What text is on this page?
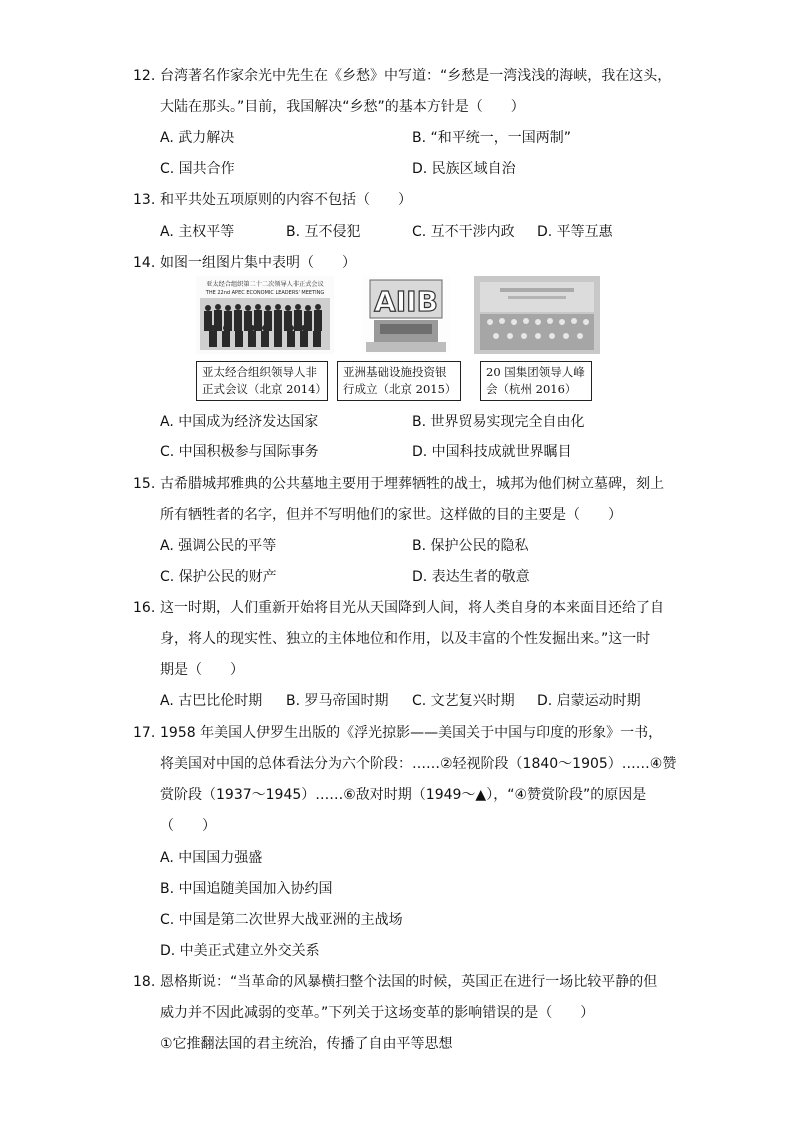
12. 台湾著名作家余光中先生在《乡愁》中写道：“乡愁是一湾浅浅的海峡，我在这头，
大陆在那头。”目前，我国解决“乡愁”的基本方针是（　　）
A. 武力解决	B. “和平统一，一国两制”
C. 国共合作	D. 民族区域自治
13. 和平共处五项原则的内容不包括（　　）
A. 主权平等	B. 互不侵犯	C. 互不干涉内政 D. 平等互惠
14. 如图一组图片集中表明（　　）
亚太经合组织第二十二次领导人非正式会议
THE 22nd APEC ECONOMIC LEADERS' MEETING
亚太经合组织领导人非正式会议（北京 2014）
AIIB
亚洲基础设施投资银行成立（北京 2015）
20 国集团领导人峰会（杭州 2016）
A. 中国成为经济发达国家	B. 世界贸易实现完全自由化
C. 中国积极参与国际事务	D. 中国科技成就世界瞩目
15. 古希腊城邦雅典的公共墓地主要用于埋葬牺牲的战士，城邦为他们树立墓碑，刻上
所有牺牲者的名字，但并不写明他们的家世。这样做的目的主要是（　　）
A. 强调公民的平等	B. 保护公民的隐私
C. 保护公民的财产	D. 表达生者的敬意
16. 这一时期，人们重新开始将目光从天国降到人间，将人类自身的本来面目还给了自
身，将人的现实性、独立的主体地位和作用，以及丰富的个性发掘出来。”这一时
期是（　　）
A. 古巴比伦时期 B. 罗马帝国时期 C. 文艺复兴时期 D. 启蒙运动时期
17. 1958 年美国人伊罗生出版的《浮光掠影——美国关于中国与印度的形象》一书，
将美国对中国的总体看法分为六个阶段：……②轻视阶段（1840～1905）……④赞
赏阶段（1937～1945）……⑥敌对时期（1949～▲），“④赞赏阶段”的原因是
（　　）
A. 中国国力强盛
B. 中国追随美国加入协约国
C. 中国是第二次世界大战亚洲的主战场
D. 中美正式建立外交关系
18. 恩格斯说：“当革命的风暴横扫整个法国的时候，英国正在进行一场比较平静的但
威力并不因此减弱的变革。”下列关于这场变革的影响错误的是（　　）
①它推翻法国的君主统治，传播了自由平等思想
